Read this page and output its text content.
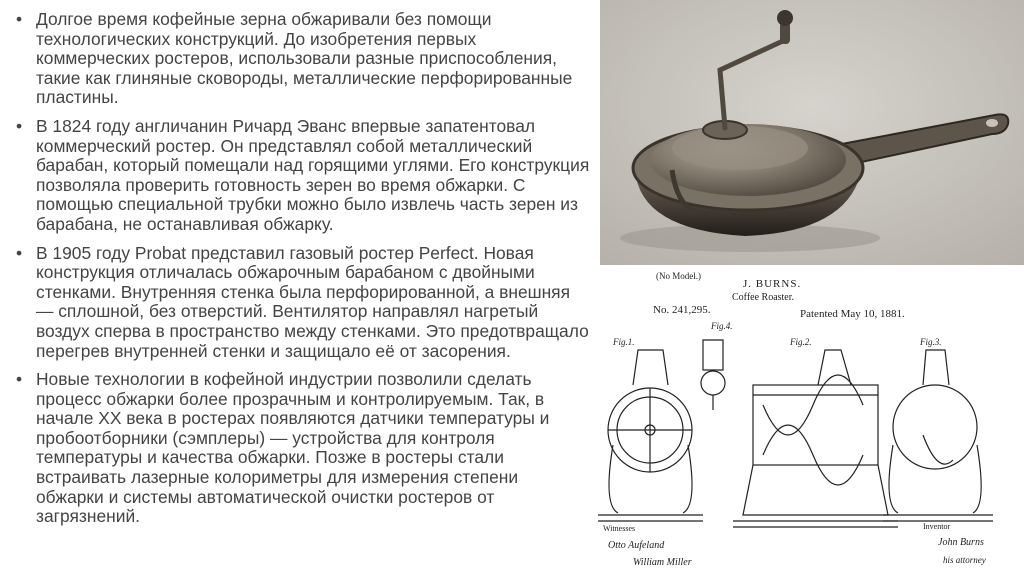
• Долгое время кофейные зерна обжаривали без помощи технологических конструкций. До изобретения первых коммерческих ростеров, использовали разные приспособления, такие как глиняные сковороды, металлические перфорированные пластины.
• В 1824 году англичанин Ричард Эванс впервые запатентовал коммерческий ростер. Он представлял собой металлический барабан, который помещали над горящими углями. Его конструкция позволяла проверить готовность зерен во время обжарки. С помощью специальной трубки можно было извлечь часть зерен из барабана, не останавливая обжарку.
• В 1905 году Probat представил газовый ростер Perfect. Новая конструкция отличалась обжарочным барабаном с двойными стенками. Внутренняя стенка была перфорированной, а внешняя — сплошной, без отверстий. Вентилятор направлял нагретый воздух сперва в пространство между стенками. Это предотвращало перегрев внутренней стенки и защищало её от засорения.
• Новые технологии в кофейной индустрии позволили сделать процесс обжарки более прозрачным и контролируемым. Так, в начале XX века в ростерах появляются датчики температуры и пробоотборники (сэмплеры) — устройства для контроля температуры и качества обжарки. Позже в ростеры стали встраивать лазерные колориметры для измерения степени обжарки и системы автоматической очистки ростеров от загрязнений.
(No Model.)
J. BURNS.
Coffee Roaster.
No. 241,295.	Patented May 10, 1881.
Fig.4.
Fig.1.	Fig.2.	Fig.3.
Witnesses	Inventor
Otto Aufeland
William Miller
John Burns
his attorney
